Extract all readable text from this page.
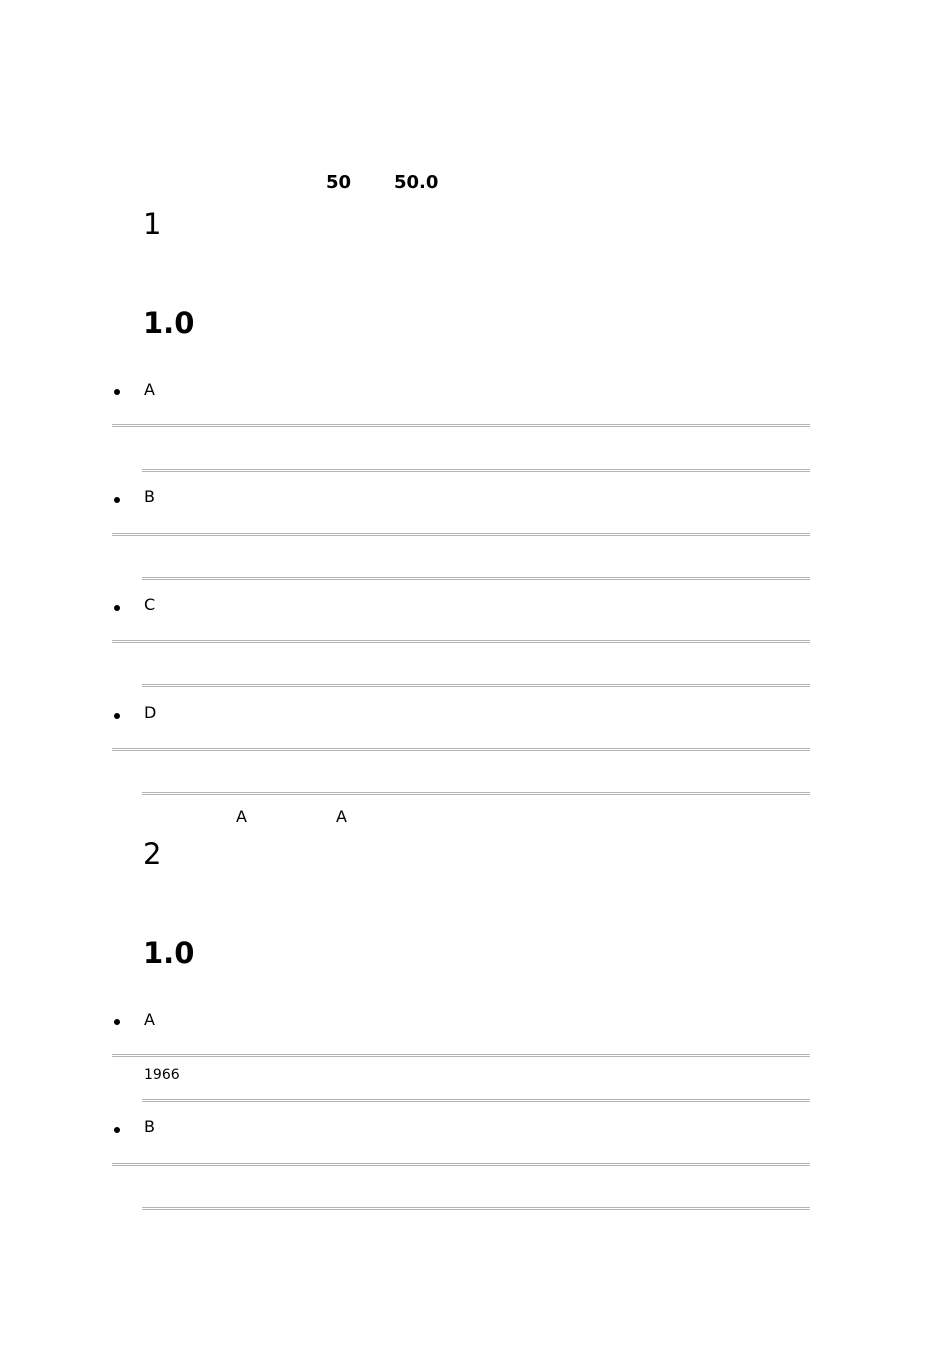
50 50.0
1
1.0
A
B
C
D
A	A
2
1.0
A
1966
B
